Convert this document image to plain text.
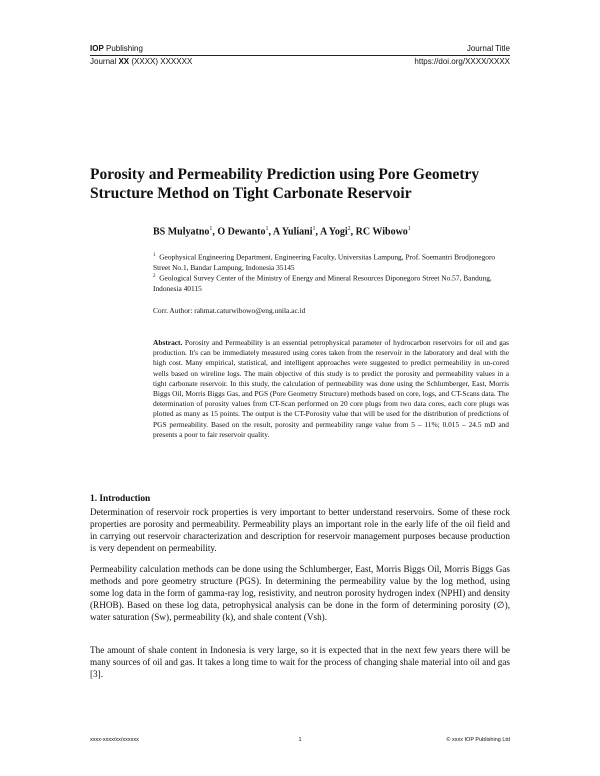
IOP Publishing	Journal Title
Journal XX (XXXX) XXXXXX	https://doi.org/XXXX/XXXX
Porosity and Permeability Prediction using Pore Geometry Structure Method on Tight Carbonate Reservoir
BS Mulyatno$^1$, O Dewanto$^1$, A Yuliani$^1$, A Yogi$^2$, RC Wibowo$^1$
$^1$ Geophysical Engineering Department, Engineering Faculty, Universitas Lampung, Prof. Soemantri Brodjonegoro Street No.1, Bandar Lampung, Indonesia 35145
$^2$ Geological Survey Center of the Ministry of Energy and Mineral Resources Diponegoro Street No.57, Bandung, Indonesia 40115
Corr. Author: rahmat.caturwibowo@eng.unila.ac.id

Abstract. Porosity and Permeability is an essential petrophysical parameter of hydrocarbon reservoirs for oil and gas production. It's can be immediately measured using cores taken from the reservoir in the laboratory and deal with the high cost. Many empirical, statistical, and intelligent approaches were suggested to predict permeability in un-cored wells based on wireline logs. The main objective of this study is to predict the porosity and permeability values in a tight carbonate reservoir. In this study, the calculation of permeability was done using the Schlumberger, East, Morris Biggs Oil, Morris Biggs Gas, and PGS (Pore Geometry Structure) methods based on core, logs, and CT-Scans data. The determination of porosity values from CT-Scan performed on 20 core plugs from two data cores, each core plugs was plotted as many as 15 points. The output is the CT-Porosity value that will be used for the distribution of predictions of PGS permeability. Based on the result, porosity and permeability range value from 5 – 11%; 0.015 – 24.5 mD and presents a poor to fair reservoir quality.

1. Introduction

Determination of reservoir rock properties is very important to better understand reservoirs. Some of these rock properties are porosity and permeability. Permeability plays an important role in the early life of the oil field and in carrying out reservoir characterization and description for reservoir management purposes because production is very dependent on permeability.

Permeability calculation methods can be done using the Schlumberger, East, Morris Biggs Oil, Morris Biggs Gas methods and pore geometry structure (PGS). In determining the permeability value by the log method, using some log data in the form of gamma-ray log, resistivity, and neutron porosity hydrogen index (NPHI) and density (RHOB). Based on these log data, petrophysical analysis can be done in the form of determining porosity (∅), water saturation (Sw), permeability (k), and shale content (Vsh).

The amount of shale content in Indonesia is very large, so it is expected that in the next few years there will be many sources of oil and gas. It takes a long time to wait for the process of changing shale material into oil and gas [3].

xxxx-xxxx/xx/xxxxxx	1	© xxxx IOP Publishing Ltd
